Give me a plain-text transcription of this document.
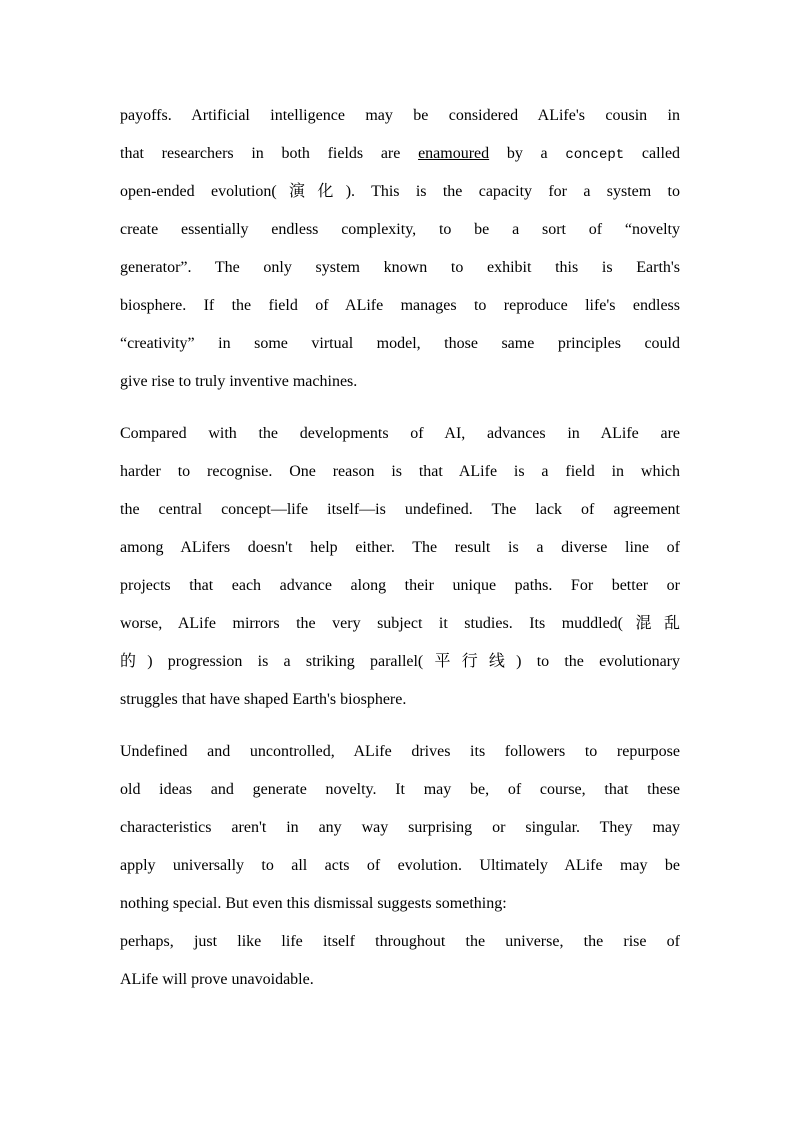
payoffs. Artificial intelligence may be considered ALife's cousin in
that researchers in both fields are enamoured by a concept called
open-ended evolution(演化). This is the capacity for a system to
create essentially endless complexity, to be a sort of “novelty
generator”. The only system known to exhibit this is Earth's
biosphere. If the field of ALife manages to reproduce life's endless
“creativity” in some virtual model, those same principles could
give rise to truly inventive machines.

Compared with the developments of AI, advances in ALife are
harder to recognise. One reason is that ALife is a field in which
the central concept—life itself—is undefined. The lack of agreement
among ALifers doesn't help either. The result is a diverse line of
projects that each advance along their unique paths. For better or
worse, ALife mirrors the very subject it studies. Its muddled(混乱
的) progression is a striking parallel(平行线) to the evolutionary
struggles that have shaped Earth's biosphere.

Undefined and uncontrolled, ALife drives its followers to repurpose
old ideas and generate novelty. It may be, of course, that these
characteristics aren't in any way surprising or singular. They may
apply universally to all acts of evolution. Ultimately ALife may be
nothing special. But even this dismissal suggests something:
perhaps, just like life itself throughout the universe, the rise of
ALife will prove unavoidable.
